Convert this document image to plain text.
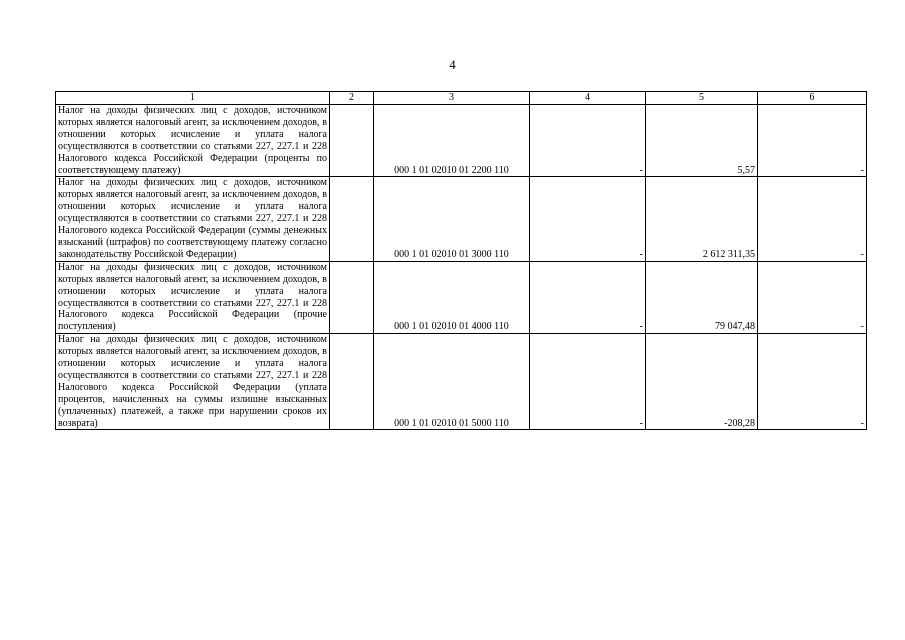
4
1	2	3	4	5	6
Налог на доходы физических лиц с доходов, источником которых является налоговый агент, за исключением доходов, в отношении которых исчисление и уплата налога осуществляются в соответствии со статьями 227, 227.1 и 228 Налогового кодекса Российской Федерации (проценты по соответствующему платежу)		000 1 01 02010 01 2200 110	-	5,57	-
Налог на доходы физических лиц с доходов, источником которых является налоговый агент, за исключением доходов, в отношении которых исчисление и уплата налога осуществляются в соответствии со статьями 227, 227.1 и 228 Налогового кодекса Российской Федерации (суммы денежных взысканий (штрафов) по соответствующему платежу согласно законодательству Российской Федерации)		000 1 01 02010 01 3000 110	-	2 612 311,35	-
Налог на доходы физических лиц с доходов, источником которых является налоговый агент, за исключением доходов, в отношении которых исчисление и уплата налога осуществляются в соответствии со статьями 227, 227.1 и 228 Налогового кодекса Российской Федерации (прочие поступления)		000 1 01 02010 01 4000 110	-	79 047,48	-
Налог на доходы физических лиц с доходов, источником которых является налоговый агент, за исключением доходов, в отношении которых исчисление и уплата налога осуществляются в соответствии со статьями 227, 227.1 и 228 Налогового кодекса Российской Федерации (уплата процентов, начисленных на суммы излишне взысканных (уплаченных) платежей, а также при нарушении сроков их возврата)		000 1 01 02010 01 5000 110	-	-208,28	-
